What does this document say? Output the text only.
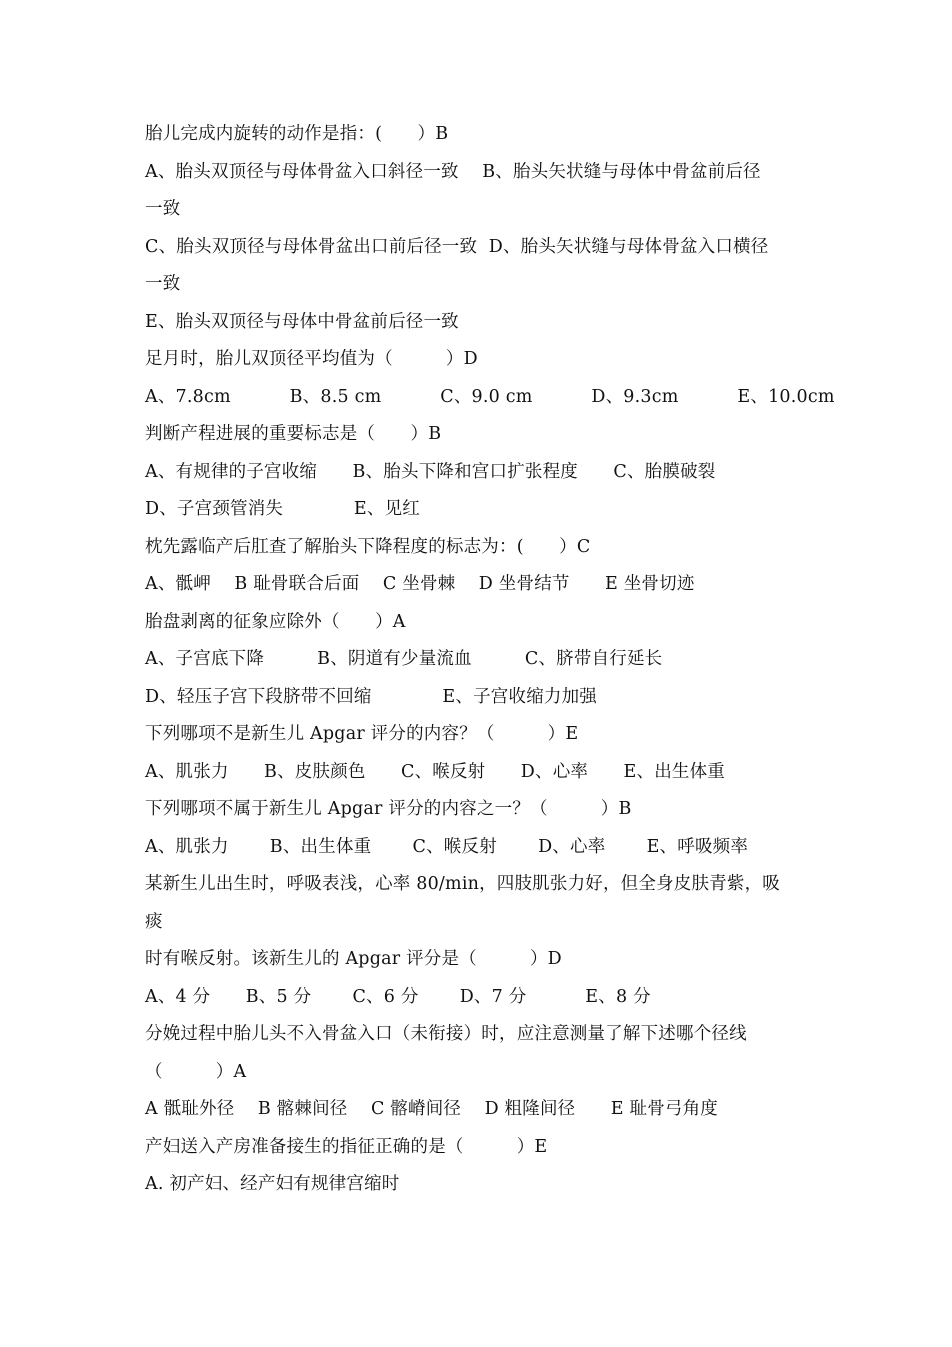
胎儿完成内旋转的动作是指：(　　）B
A、胎头双顶径与母体骨盆入口斜径一致　 B、胎头矢状缝与母体中骨盆前后径
一致
C、胎头双顶径与母体骨盆出口前后径一致  D、胎头矢状缝与母体骨盆入口横径
一致
E、胎头双顶径与母体中骨盆前后径一致
足月时，胎儿双顶径平均值为（　　　）D
A、7.8cm　　　 B、8.5 cm　　　 C、9.0 cm　　　 D、9.3cm　　　 E、10.0cm
判断产程进展的重要标志是（　　）B
A、有规律的子宫收缩　　B、胎头下降和宫口扩张程度　　C、胎膜破裂
D、子宫颈管消失　　　　E、见红
枕先露临产后肛查了解胎头下降程度的标志为：(　　）C
A、骶岬　 B 耻骨联合后面　 C 坐骨棘　 D 坐骨结节　　E 坐骨切迹
胎盘剥离的征象应除外（　　）A
A、子宫底下降　　　B、阴道有少量流血　　　C、脐带自行延长
D、轻压子宫下段脐带不回缩　　　　E、子宫收缩力加强
下列哪项不是新生儿 Apgar 评分的内容？（　　　）E
A、肌张力　　B、皮肤颜色　　C、喉反射　　D、心率　　E、出生体重
下列哪项不属于新生儿 Apgar 评分的内容之一？（　　　）B
A、肌张力　　 B、出生体重　　 C、喉反射　　 D、心率　　 E、呼吸频率
某新生儿出生时，呼吸表浅，心率 80/min，四肢肌张力好，但全身皮肤青紫，吸
痰
时有喉反射。该新生儿的 Apgar 评分是（　　　）D
A、4 分　　B、5 分　　 C、6 分　　 D、7 分　　　 E、8 分
分娩过程中胎儿头不入骨盆入口（未衔接）时，应注意测量了解下述哪个径线
（　　　）A
A 骶耻外径　 B 髂棘间径　 C 髂嵴间径　 D 粗隆间径　　E 耻骨弓角度
产妇送入产房准备接生的指征正确的是（　　　）E
A. 初产妇、经产妇有规律宫缩时
